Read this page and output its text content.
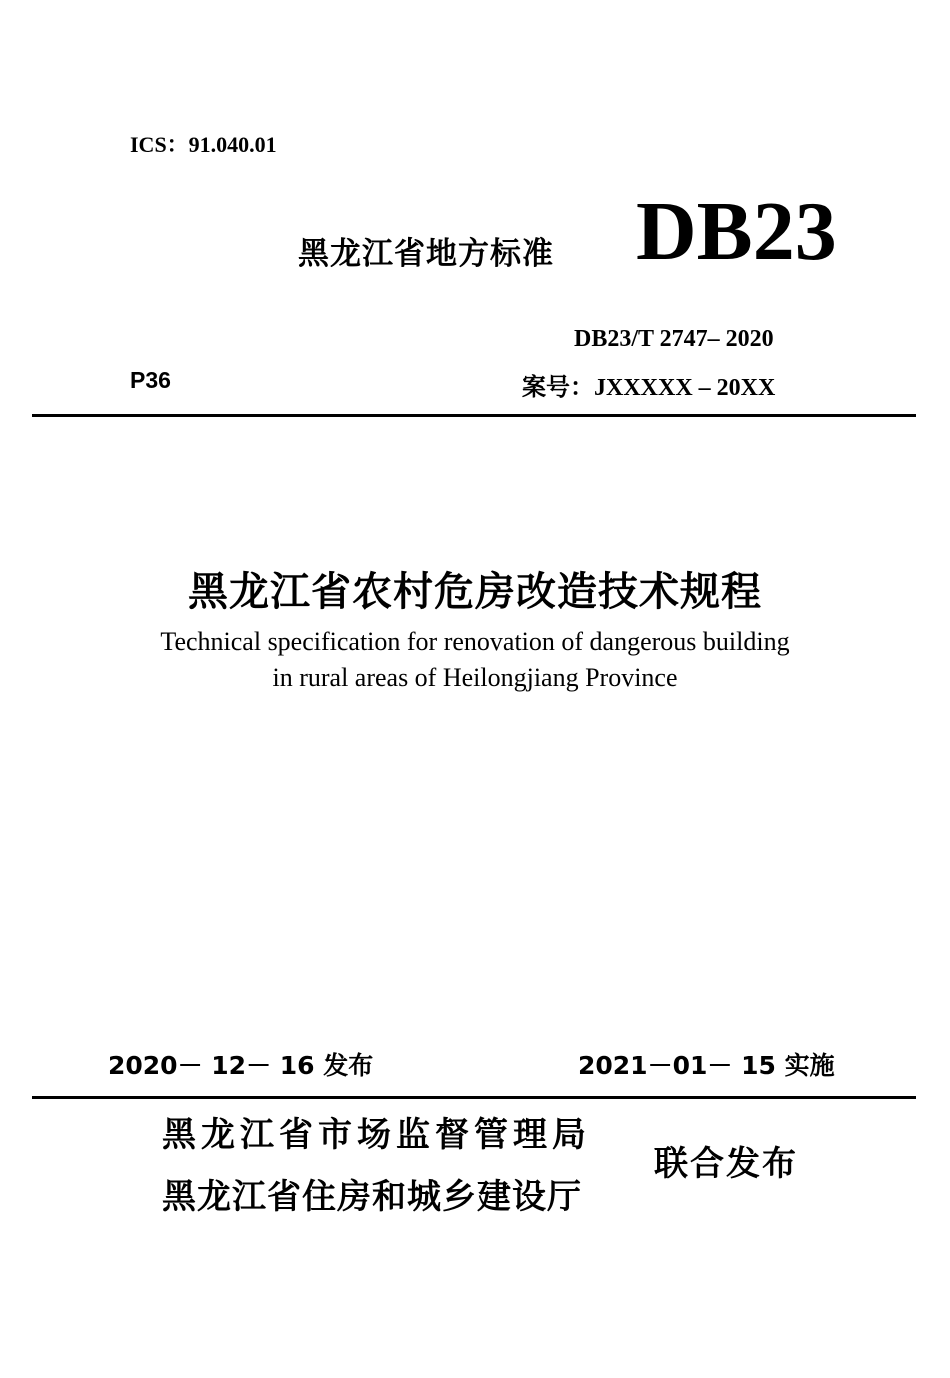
ICS：91.040.01
黑龙江省地方标准 DB23
DB23/T 2747– 2020
P36	案号：JXXXXX – 20XX
黑龙江省农村危房改造技术规程
Technical specification for renovation of dangerous building
in rural areas of Heilongjiang Province
2020－ 12－ 16 发布	2021－01－ 15 实施
黑龙江省市场监督管理局
黑龙江省住房和城乡建设厅
联合发布
